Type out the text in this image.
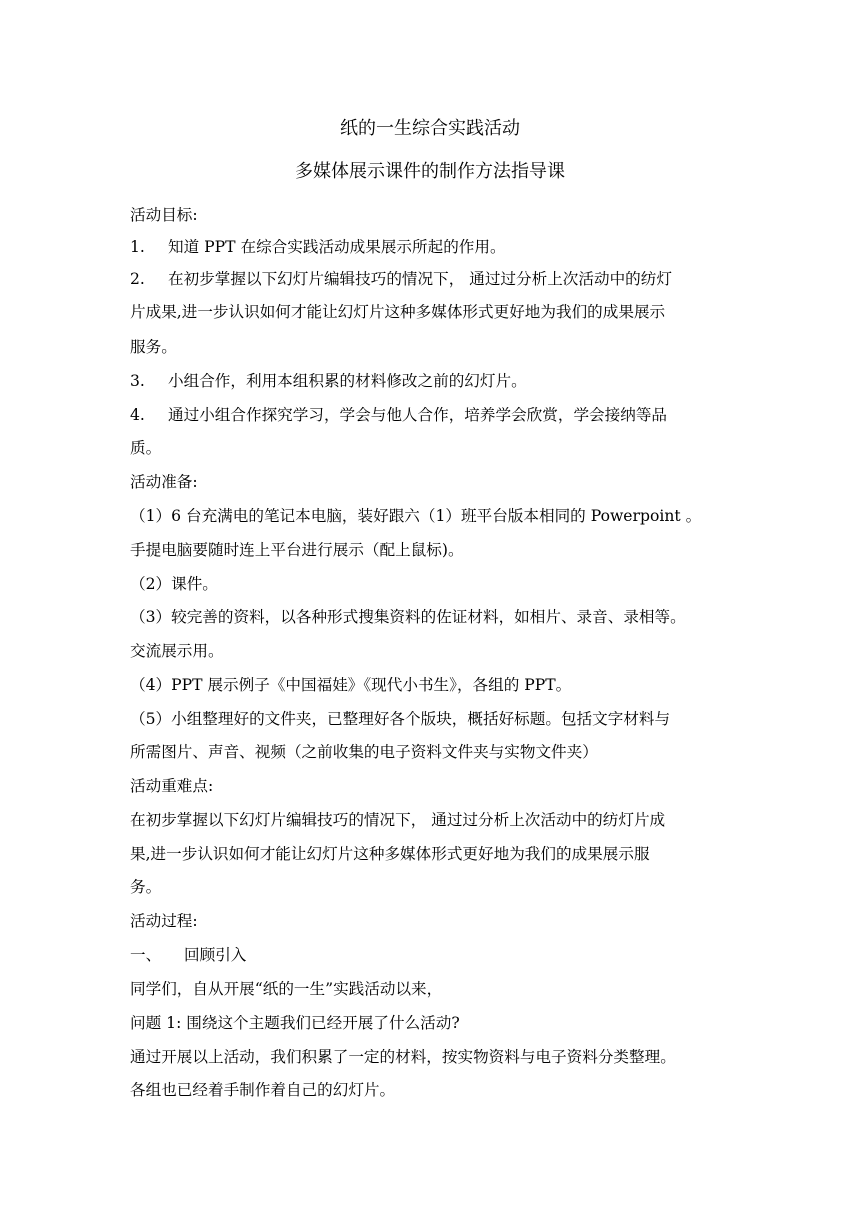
纸的一生综合实践活动
多媒体展示课件的制作方法指导课
活动目标:
1. 知道 PPT 在综合实践活动成果展示所起的作用。
2. 在初步掌握以下幻灯片编辑技巧的情况下， 通过过分析上次活动中的纺灯
片成果,进一步认识如何才能让幻灯片这种多媒体形式更好地为我们的成果展示
服务。
3. 小组合作，利用本组积累的材料修改之前的幻灯片。
4. 通过小组合作探究学习，学会与他人合作，培养学会欣赏，学会接纳等品
质。
活动准备:
（1）6 台充满电的笔记本电脑，装好跟六（1）班平台版本相同的 Powerpoint 。
手提电脑要随时连上平台进行展示（配上鼠标)。
（2）课件。
（3）较完善的资料，以各种形式搜集资料的佐证材料，如相片、录音、录相等。
交流展示用。
（4）PPT 展示例子《中国福娃》《现代小书生》，各组的 PPT。
（5）小组整理好的文件夹，已整理好各个版块，概括好标题。包括文字材料与
所需图片、声音、视频（之前收集的电子资料文件夹与实物文件夹）
活动重难点:
在初步掌握以下幻灯片编辑技巧的情况下， 通过过分析上次活动中的纺灯片成
果,进一步认识如何才能让幻灯片这种多媒体形式更好地为我们的成果展示服
务。
活动过程:
一、 回顾引入
同学们，自从开展“纸的一生”实践活动以来，
问题 1: 围绕这个主题我们已经开展了什么活动?
通过开展以上活动，我们积累了一定的材料，按实物资料与电子资料分类整理。
各组也已经着手制作着自己的幻灯片。
